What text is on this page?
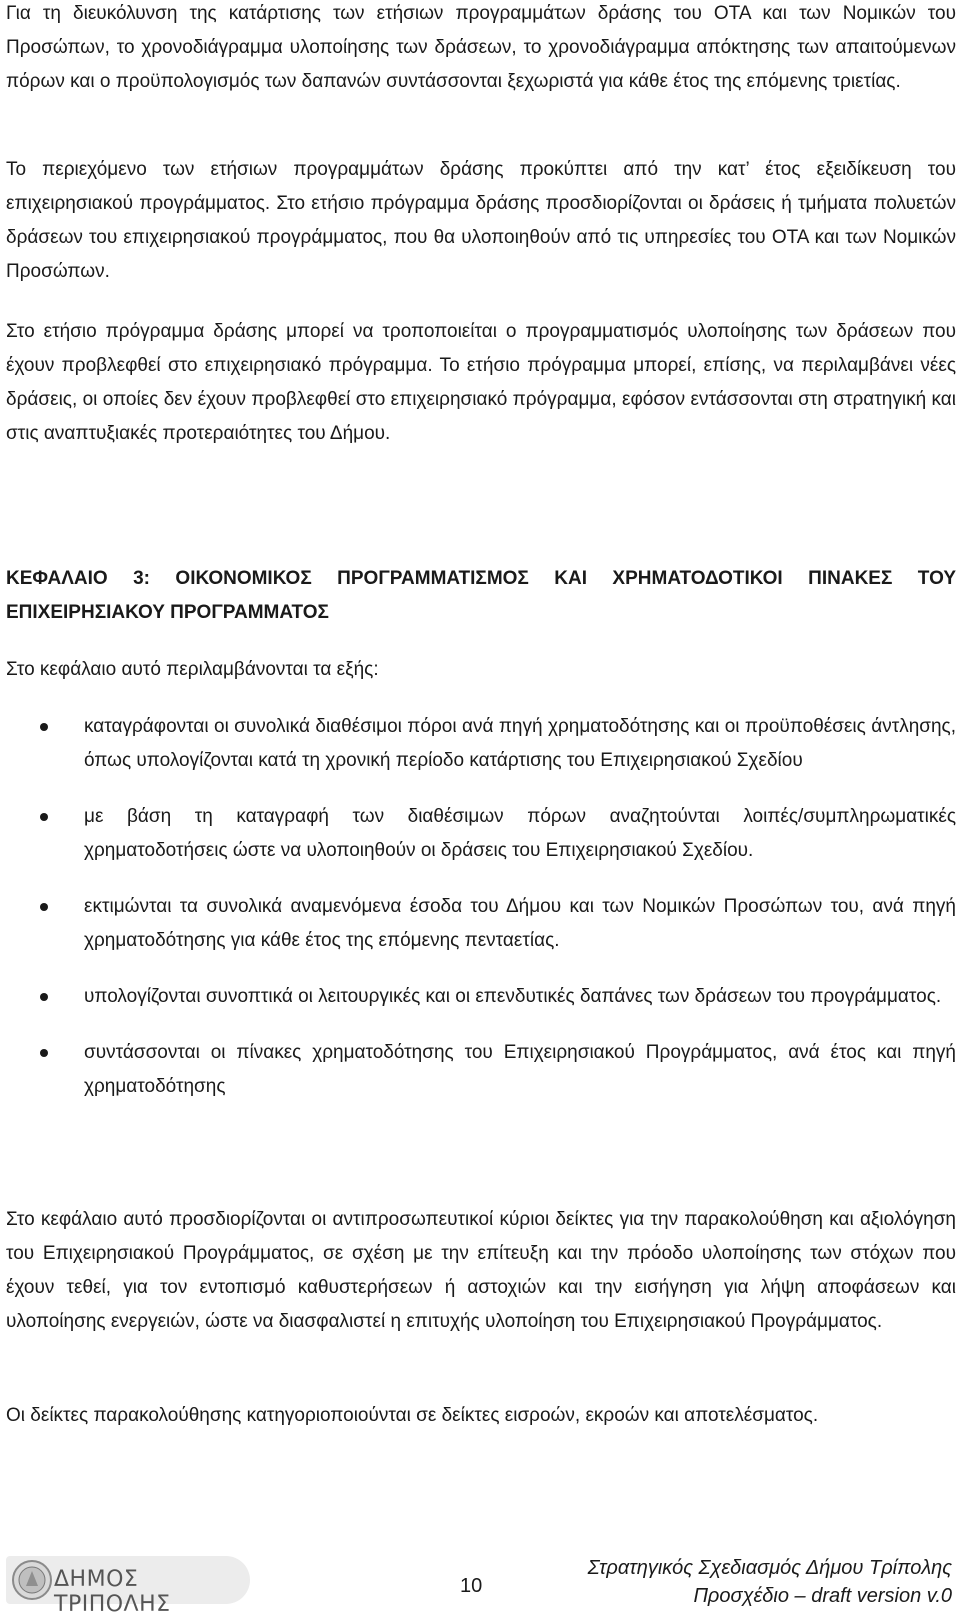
Για τη διευκόλυνση της κατάρτισης των ετήσιων προγραμμάτων δράσης του ΟΤΑ και των Νομικών του Προσώπων, το χρονοδιάγραμμα υλοποίησης των δράσεων, το χρονοδιάγραμμα απόκτησης των απαιτούμενων πόρων και ο προϋπολογισμός των δαπανών συντάσσονται ξεχωριστά για κάθε έτος της επόμενης τριετίας.

Το περιεχόμενο των ετήσιων προγραμμάτων δράσης προκύπτει από την κατ’ έτος εξειδίκευση του επιχειρησιακού προγράμματος. Στο ετήσιο πρόγραμμα δράσης προσδιορίζονται οι δράσεις ή τμήματα πολυετών δράσεων του επιχειρησιακού προγράμματος, που θα υλοποιηθούν από τις υπηρεσίες του ΟΤΑ και των Νομικών Προσώπων.

Στο ετήσιο πρόγραμμα δράσης μπορεί να τροποποιείται ο προγραμματισμός υλοποίησης των δράσεων που έχουν προβλεφθεί στο επιχειρησιακό πρόγραμμα. Το ετήσιο πρόγραμμα μπορεί, επίσης, να περιλαμβάνει νέες δράσεις, οι οποίες δεν έχουν προβλεφθεί στο επιχειρησιακό πρόγραμμα, εφόσον εντάσσονται στη στρατηγική και στις αναπτυξιακές προτεραιότητες του Δήμου.

ΚΕΦΑΛΑΙΟ 3: ΟΙΚΟΝΟΜΙΚΟΣ ΠΡΟΓΡΑΜΜΑΤΙΣΜΟΣ ΚΑΙ ΧΡΗΜΑΤΟΔΟΤΙΚΟΙ ΠΙΝΑΚΕΣ ΤΟΥ ΕΠΙΧΕΙΡΗΣΙΑΚΟΥ ΠΡΟΓΡΑΜΜΑΤΟΣ

Στο κεφάλαιο αυτό περιλαμβάνονται τα εξής:

καταγράφονται οι συνολικά διαθέσιμοι πόροι ανά πηγή χρηματοδότησης και οι προϋποθέσεις άντλησης, όπως υπολογίζονται κατά τη χρονική περίοδο κατάρτισης του Επιχειρησιακού Σχεδίου
με βάση τη καταγραφή των διαθέσιμων πόρων αναζητούνται λοιπές/συμπληρωματικές χρηματοδοτήσεις ώστε να υλοποιηθούν οι δράσεις του Επιχειρησιακού Σχεδίου.
εκτιμώνται τα συνολικά αναμενόμενα έσοδα του Δήμου και των Νομικών Προσώπων του, ανά πηγή χρηματοδότησης για κάθε έτος της επόμενης πενταετίας.
υπολογίζονται συνοπτικά οι λειτουργικές και οι επενδυτικές δαπάνες των δράσεων του προγράμματος.
συντάσσονται οι πίνακες χρηματοδότησης του Επιχειρησιακού Προγράμματος, ανά έτος και πηγή χρηματοδότησης

Στο κεφάλαιο αυτό προσδιορίζονται οι αντιπροσωπευτικοί κύριοι δείκτες για την παρακολούθηση και αξιολόγηση του Επιχειρησιακού Προγράμματος, σε σχέση με την επίτευξη και την πρόοδο υλοποίησης των στόχων που έχουν τεθεί, για τον εντοπισμό καθυστερήσεων ή αστοχιών και την εισήγηση για λήψη αποφάσεων και υλοποίησης ενεργειών, ώστε να διασφαλιστεί η επιτυχής υλοποίηση του Επιχειρησιακού Προγράμματος.

Οι δείκτες παρακολούθησης κατηγοριοποιούνται σε δείκτες εισροών, εκροών και αποτελέσματος.

ΔΗΜΟΣ ΤΡΙΠΟΛΗΣ
10
Στρατηγικός Σχεδιασμός Δήμου Τρίπολης
Προσχέδιο – draft version v.0
